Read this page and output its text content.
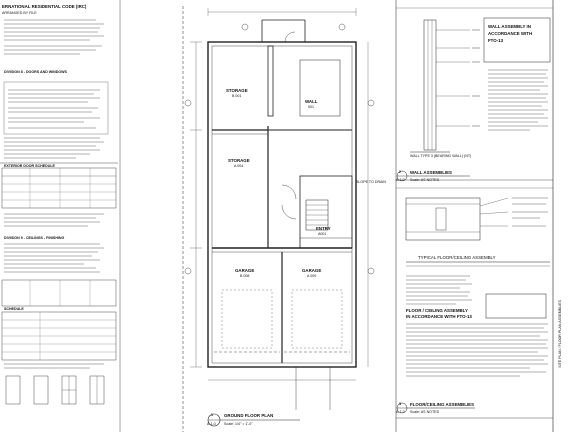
ERNATIONAL RESIDENTIAL CODE (IRC)
ARRANGED BY FILE
DIVISION 8 - DOORS AND WINDOWS
EXTERIOR DOOR SCHEDULE
DIVISION 9 - CEILINGS - FINISHING
SCHEDULE
STORAGE
B 001
WALL
001
STORAGE
A 004
ENTRY
A001
GARAGE
B 008
GARAGE
A 009
SLOPE TO DRAIN
1
A-1.0
GROUND FLOOR PLAN
Scale: 1/4" = 1'-0"
WALL ASSEMBLY IN
ACCORDANCE WITH
FTO-13
WALL TYPE 3 (BEARING WALL) (NT)
2
A-1.0
WALL ASSEMBLIES
Scale: AS NOTED
TYPICAL FLOOR/CEILING ASSEMBLY
FLOOR / CEILING ASSEMBLY
IN ACCORDANCE WITH FTO-13
3
A-1.0
FLOOR/CEILING ASSEMBLIES
Scale: AS NOTED
SITE PLAN / FLOOR PLAN ASSEMBLIES
